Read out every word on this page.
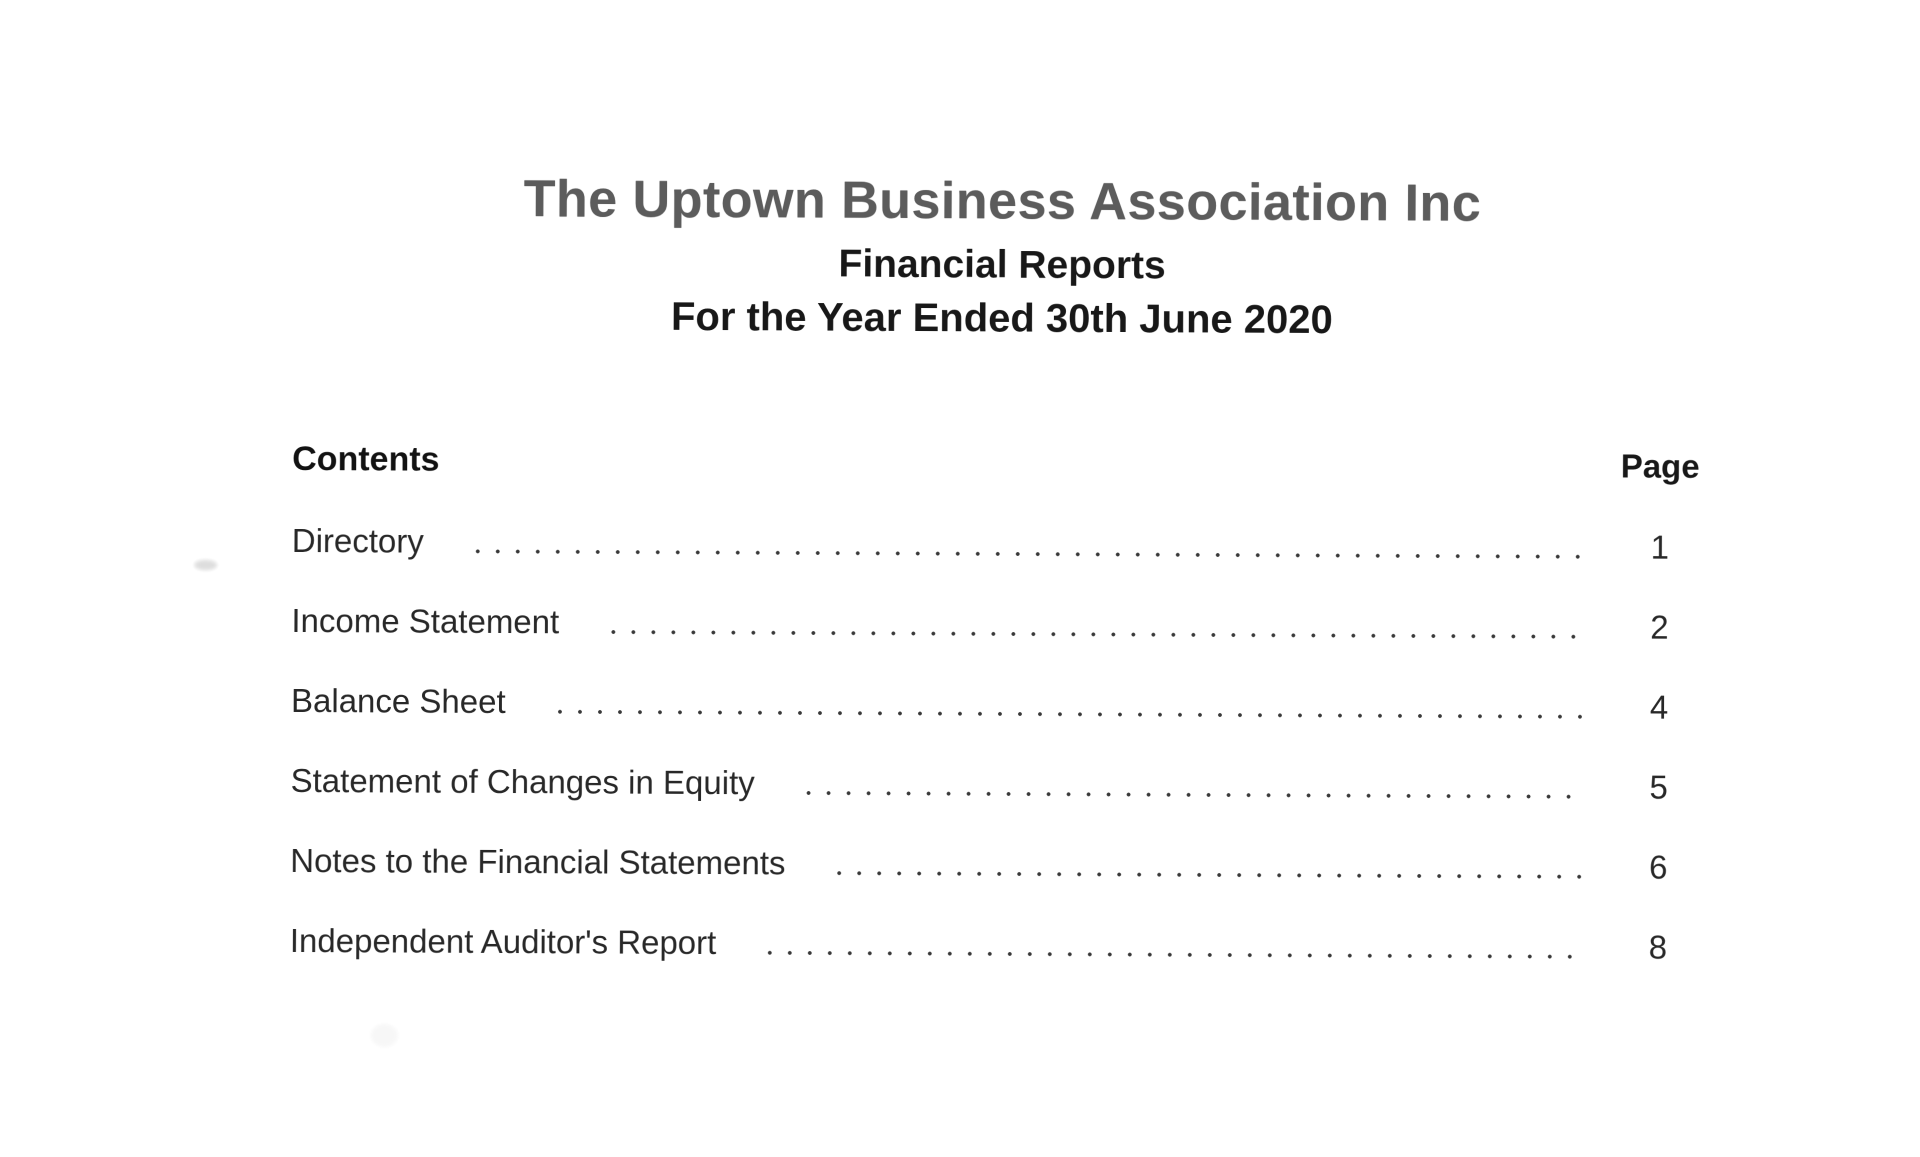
The Uptown Business Association Inc
Financial Reports
For the Year Ended 30th June 2020
Contents	Page
Directory	1
Income Statement	2
Balance Sheet	4
Statement of Changes in Equity	5
Notes to the Financial Statements	6
Independent Auditor's Report	8
